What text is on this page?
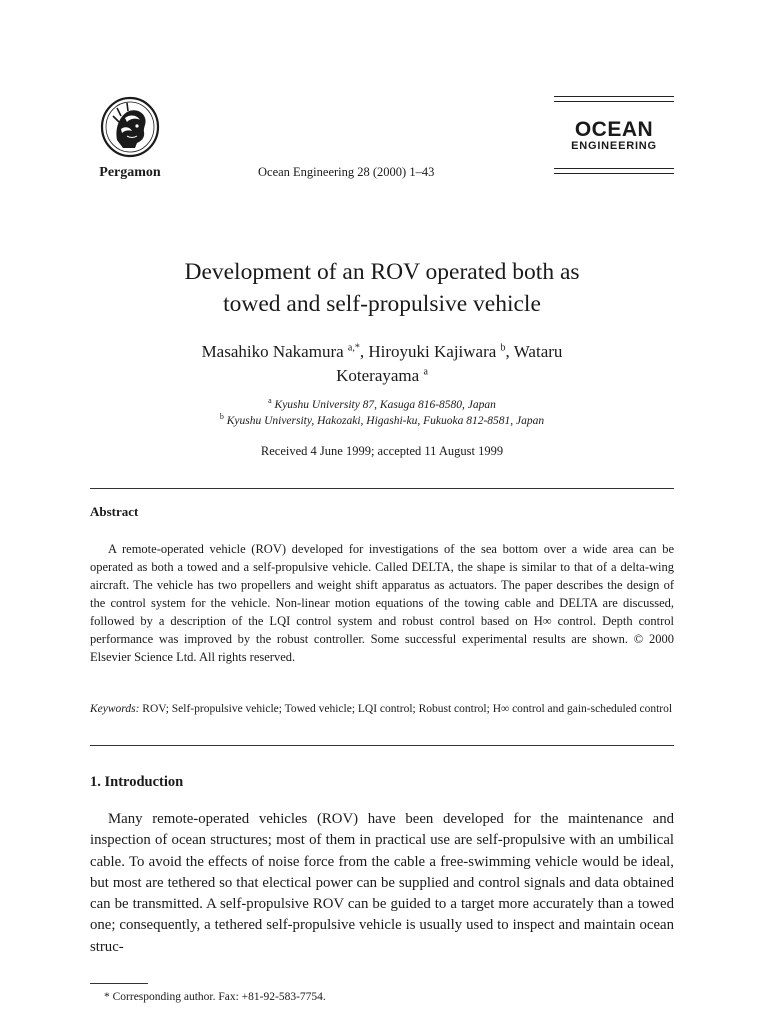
Pergamon	Ocean Engineering 28 (2000) 1–43
OCEAN
ENGINEERING
Development of an ROV operated both as
towed and self-propulsive vehicle
Masahiko Nakamura $^{a,*}$, Hiroyuki Kajiwara $^b$, Wataru
Koterayama $^a$
$^a$ Kyushu University 87, Kasuga 816-8580, Japan
$^b$ Kyushu University, Hakozaki, Higashi-ku, Fukuoka 812-8581, Japan
Received 4 June 1999; accepted 11 August 1999
Abstract

A remote-operated vehicle (ROV) developed for investigations of the sea bottom over a wide area can be operated as both a towed and a self-propulsive vehicle. Called DELTA, the shape is similar to that of a delta-wing aircraft. The vehicle has two propellers and weight shift apparatus as actuators. The paper describes the design of the control system for the vehicle. Non-linear motion equations of the towing cable and DELTA are discussed, followed by a description of the LQI control system and robust control based on H∞ control. Depth control performance was improved by the robust controller. Some successful experimental results are shown. © 2000 Elsevier Science Ltd. All rights reserved.

Keywords: ROV; Self-propulsive vehicle; Towed vehicle; LQI control; Robust control; H∞ control and gain-scheduled control
1. Introduction

Many remote-operated vehicles (ROV) have been developed for the maintenance and inspection of ocean structures; most of them in practical use are self-propulsive with an umbilical cable. To avoid the effects of noise force from the cable a free-swimming vehicle would be ideal, but most are tethered so that electical power can be supplied and control signals and data obtained can be transmitted. A self-propulsive ROV can be guided to a target more accurately than a towed one; consequently, a tethered self-propulsive vehicle is usually used to inspect and maintain ocean struc-

* Corresponding author. Fax: +81-92-583-7754.
